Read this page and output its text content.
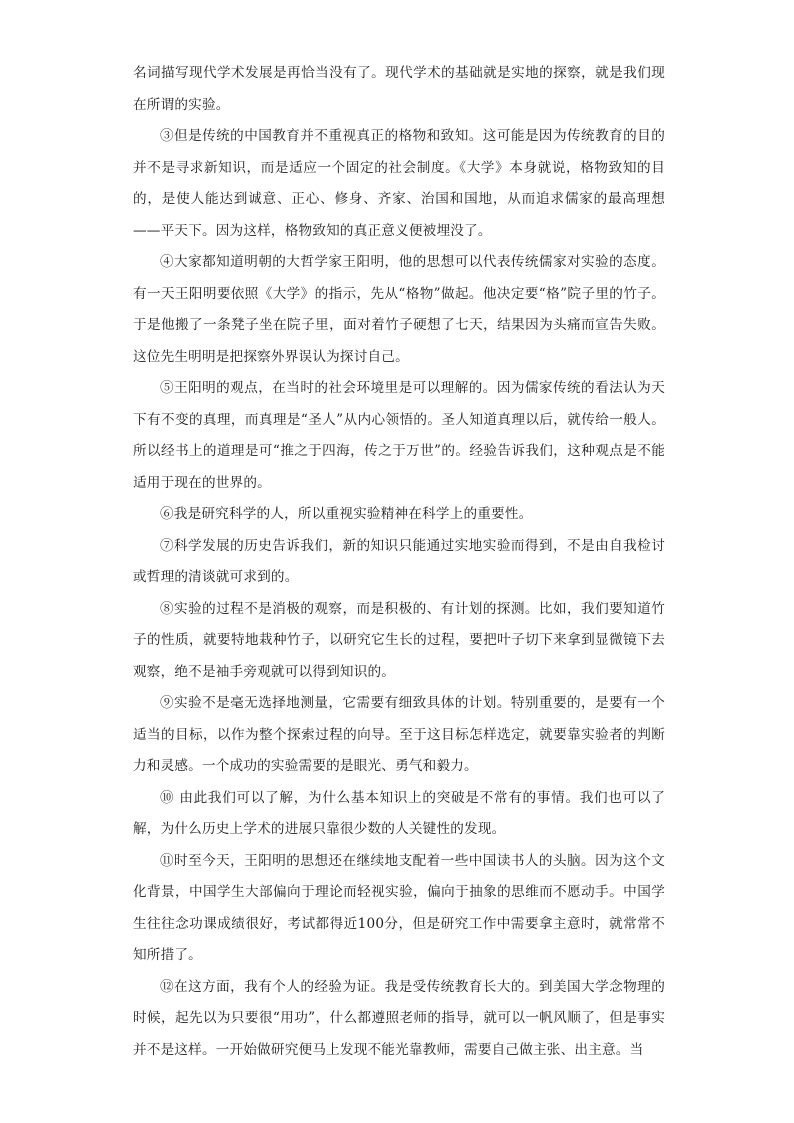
名词描写现代学术发展是再恰当没有了。现代学术的基础就是实地的探察，就是我们现在所谓的实验。

③但是传统的中国教育并不重视真正的格物和致知。这可能是因为传统教育的目的并不是寻求新知识，而是适应一个固定的社会制度。《大学》本身就说，格物致知的目的，是使人能达到诚意、正心、修身、齐家、治国和国地，从而追求儒家的最高理想——平天下。因为这样，格物致知的真正意义便被埋没了。

④大家都知道明朝的大哲学家王阳明，他的思想可以代表传统儒家对实验的态度。有一天王阳明要依照《大学》的指示，先从“格物”做起。他决定要“格”院子里的竹子。于是他搬了一条凳子坐在院子里，面对着竹子硬想了七天，结果因为头痛而宣告失败。这位先生明明是把探察外界误认为探讨自己。

⑤王阳明的观点，在当时的社会环境里是可以理解的。因为儒家传统的看法认为天下有不变的真理，而真理是“圣人”从内心领悟的。圣人知道真理以后，就传给一般人。所以经书上的道理是可“推之于四海，传之于万世”的。经验告诉我们，这种观点是不能适用于现在的世界的。

⑥我是研究科学的人，所以重视实验精神在科学上的重要性。

⑦科学发展的历史告诉我们，新的知识只能通过实地实验而得到，不是由自我检讨或哲理的清谈就可求到的。

⑧实验的过程不是消极的观察，而是积极的、有计划的探测。比如，我们要知道竹子的性质，就要特地栽种竹子，以研究它生长的过程，要把叶子切下来拿到显微镜下去观察，绝不是袖手旁观就可以得到知识的。

⑨实验不是毫无选择地测量，它需要有细致具体的计划。特别重要的，是要有一个适当的目标，以作为整个探索过程的向导。至于这目标怎样选定，就要靠实验者的判断力和灵感。一个成功的实验需要的是眼光、勇气和毅力。

⑩ 由此我们可以了解，为什么基本知识上的突破是不常有的事情。我们也可以了解，为什么历史上学术的进展只靠很少数的人关键性的发现。

⑪时至今天，王阳明的思想还在继续地支配着一些中国读书人的头脑。因为这个文化背景，中国学生大部偏向于理论而轻视实验，偏向于抽象的思维而不愿动手。中国学生往往念功课成绩很好，考试都得近100分，但是研究工作中需要拿主意时，就常常不知所措了。

⑫在这方面，我有个人的经验为证。我是受传统教育长大的。到美国大学念物理的时候，起先以为只要很“用功”，什么都遵照老师的指导，就可以一帆风顺了，但是事实并不是这样。一开始做研究便马上发现不能光靠教师，需要自己做主张、出主意。当
